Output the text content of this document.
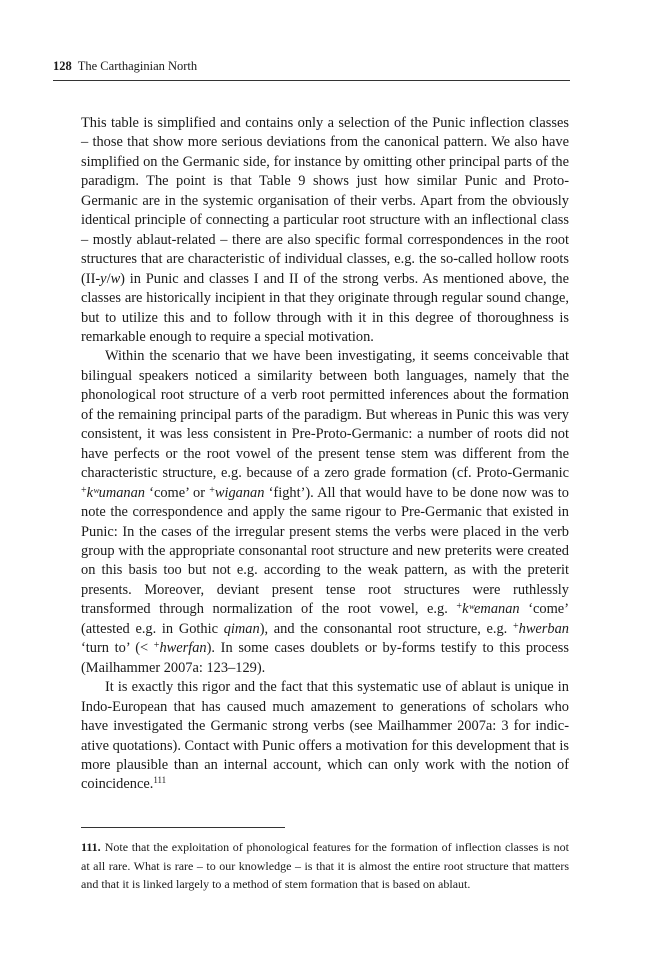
128 The Carthaginian North

This table is simplified and contains only a selection of the Punic inflection classes – those that show more serious deviations from the canonical pattern. We also have simplified on the Germanic side, for instance by omitting other principal parts of the paradigm. The point is that Table 9 shows just how similar Punic and Proto-Germanic are in the systemic organisation of their verbs. Apart from the obviously identical principle of connecting a particular root structure with an inflectional class – mostly ablaut-related – there are also specific formal correspondences in the root structures that are characteristic of individual classes, e.g. the so-called hollow roots (II-y/w) in Punic and classes I and II of the strong verbs. As mentioned above, the classes are historically incipient in that they originate through regular sound change, but to utilize this and to follow through with it in this degree of thoroughness is remarkable enough to require a special motivation.

Within the scenario that we have been investigating, it seems conceivable that bilingual speakers noticed a similarity between both languages, namely that the phonological root structure of a verb root permitted inferences about the formation of the remaining principal parts of the paradigm. But whereas in Punic this was very consistent, it was less consistent in Pre-Proto-Germanic: a number of roots did not have perfects or the root vowel of the present tense stem was different from the characteristic structure, e.g. because of a zero grade formation (cf. Proto-Germanic +kʷumanan ‘come’ or +wiganan ‘fight’). All that would have to be done now was to note the correspondence and apply the same rigour to Pre-Germanic that existed in Punic: In the cases of the irregular present stems the verbs were placed in the verb group with the appropriate consonantal root structure and new preterits were created on this basis too but not e.g. according to the weak pattern, as with the preterit presents. Moreover, deviant present tense root structures were ruthlessly transformed through normalization of the root vowel, e.g. +kʷemanan ‘come’ (attested e.g. in Gothic qiman), and the consonantal root structure, e.g. +hwerban ‘turn to’ (< +hwerfan). In some cases doublets or by-forms testify to this process (Mailhammer 2007a: 123–129).

It is exactly this rigor and the fact that this systematic use of ablaut is unique in Indo-European that has caused much amazement to generations of scholars who have investigated the Germanic strong verbs (see Mailhammer 2007a: 3 for indicative quotations). Contact with Punic offers a motivation for this development that is more plausible than an internal account, which can only work with the notion of coincidence.$^{111}$

111. Note that the exploitation of phonological features for the formation of inflection classes is not at all rare. What is rare – to our knowledge – is that it is almost the entire root structure that matters and that it is linked largely to a method of stem formation that is based on ablaut.
